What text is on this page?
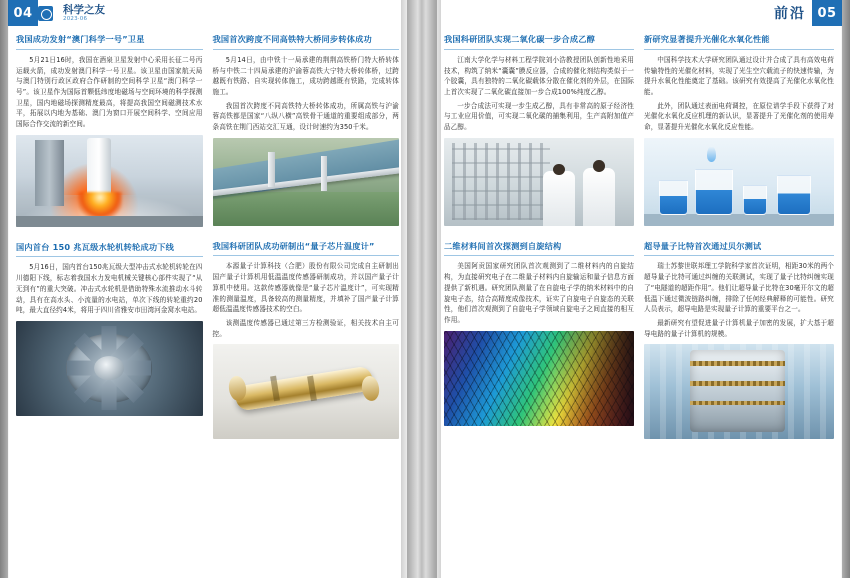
04	科学之友
2023·06	前沿 05
我国成功发射“澳门科学一号”卫星

5月21日16时，我国在酒泉卫星发射中心采用长征二号丙运载火箭，成功发射澳门科学一号卫星。该卫星由国家航天局与澳门特别行政区政府合作研制的空间科学卫星“澳门科学一号”。该卫星作为国际首颗低纬度地磁场与空间环境的科学探测卫星，国内地磁场探测精度最高，将提高我国空间磁测技术水平，拓展以内地为基础、澳门为窗口开展空间科学、空间应用国际合作交流的新空间。

国内首台 150 兆瓦级水轮机转轮成功下线

5月16日，国内首台150兆瓦级大型冲击式水轮机转轮在四川德阳下线，标志着我国水力发电机械关键核心部件实现了“从无到有”的重大突破。冲击式水轮机是借助特殊水流推动水斗转动，具有在高水头、小流量的水电站，单次下线的转轮重约20吨，最大直径约4米，将用于四川省雅安市田湾河金窝水电站。

我国首次跨度不同高铁特大桥同步转体成功

5月14日，由中铁十一局承建的荆荆高铁桥门特大桥转体桥与中铁二十四局承建的沪渝蓉高铁大宁特大桥转体桥，过跨越既有铁路、自实现转体施工，成功跨越既有铁路，完成转体施工。

我国首次跨度不同高铁特大桥转体成功，所属高铁与沪渝蓉高铁都是国家“八纵八横”高铁骨干通道的重要组成部分，两条高铁在荆门西站交汇互通，设计时速约为350千米。

我国科研团队成功研制出“量子芯片温度计”

本源量子计算科技（合肥）股份有限公司完成自主研制出国产量子计算机用低温温度传感器研制成功，并以国产量子计算机中使用。这款传感器就像是“量子芯片温度计”，可实现精准的测量温度，具备较高的测量精度，并填补了国产量子计算超低温温度传感器技术的空白。

该测温度传感器已通过第三方检测验证，相关技术自主可控。

我国科研团队实现二氧化碳一步合成乙醇

江南大学化学与材料工程学院刘小浩教授团队创新性地采用技术，构筑了纳米“囊囊”膜反应器，合成的催化剂结构类似于一个胶囊，具有独特的二氧化碳载体分散在催化剂的外层，在国际上首次实现了二氧化碳直接加一步合成100%纯度乙醇。

一步合成法可实现一步生成乙醇，具有非常高的原子经济性与工业应用价值，可实现二氧化碳的捕集利用，生产高附加值产品乙醇。

二维材料间首次探测到自旋结构

美国阿贡国家研究团队首次观测到了二维材料内的自旋结构，为直接研究电子在二维量子材料内自旋输运和量子信息方面提供了新机遇。研究团队测量了在自旋电子学的纳米材料中的自旋电子态，结合高精度成像技术，证实了自旋电子自旋态的关联性，他们首次观测到了自旋电子学领域自旋电子之间直接的相互作用。

新研究显著提升光催化水氧化性能

中国科学技术大学研究团队通过设计并合成了具有高效电荷传输特性的光催化材料，实现了光生空穴载流子的快速传输，为提升水氧化性能奠定了基础。该研究有效提高了光催化水氧化性能。

此外，团队通过表面电荷调控，在原位谱学手段下获得了对光催化水氧化反应机理的新认识，显著提升了光催化剂的使用寿命，显著提升光催化水氧化反应性能。

超导量子比特首次通过贝尔测试

瑞士苏黎世联邦理工学院科学家首次证明，相距30米的两个超导量子比特可通过纠缠的关联测试，实现了量子比特纠缠实现了“电隧道的超距作用”。他们让超导量子比特在30毫开尔文的超低温下通过微波链路纠缠，排除了任何经典解释的可能性。研究人员表示，超导电路是实现量子计算的重要平台之一。

最新研究有望促进量子计算机量子加密的发展，扩大基于超导电路的量子计算机的规模。
